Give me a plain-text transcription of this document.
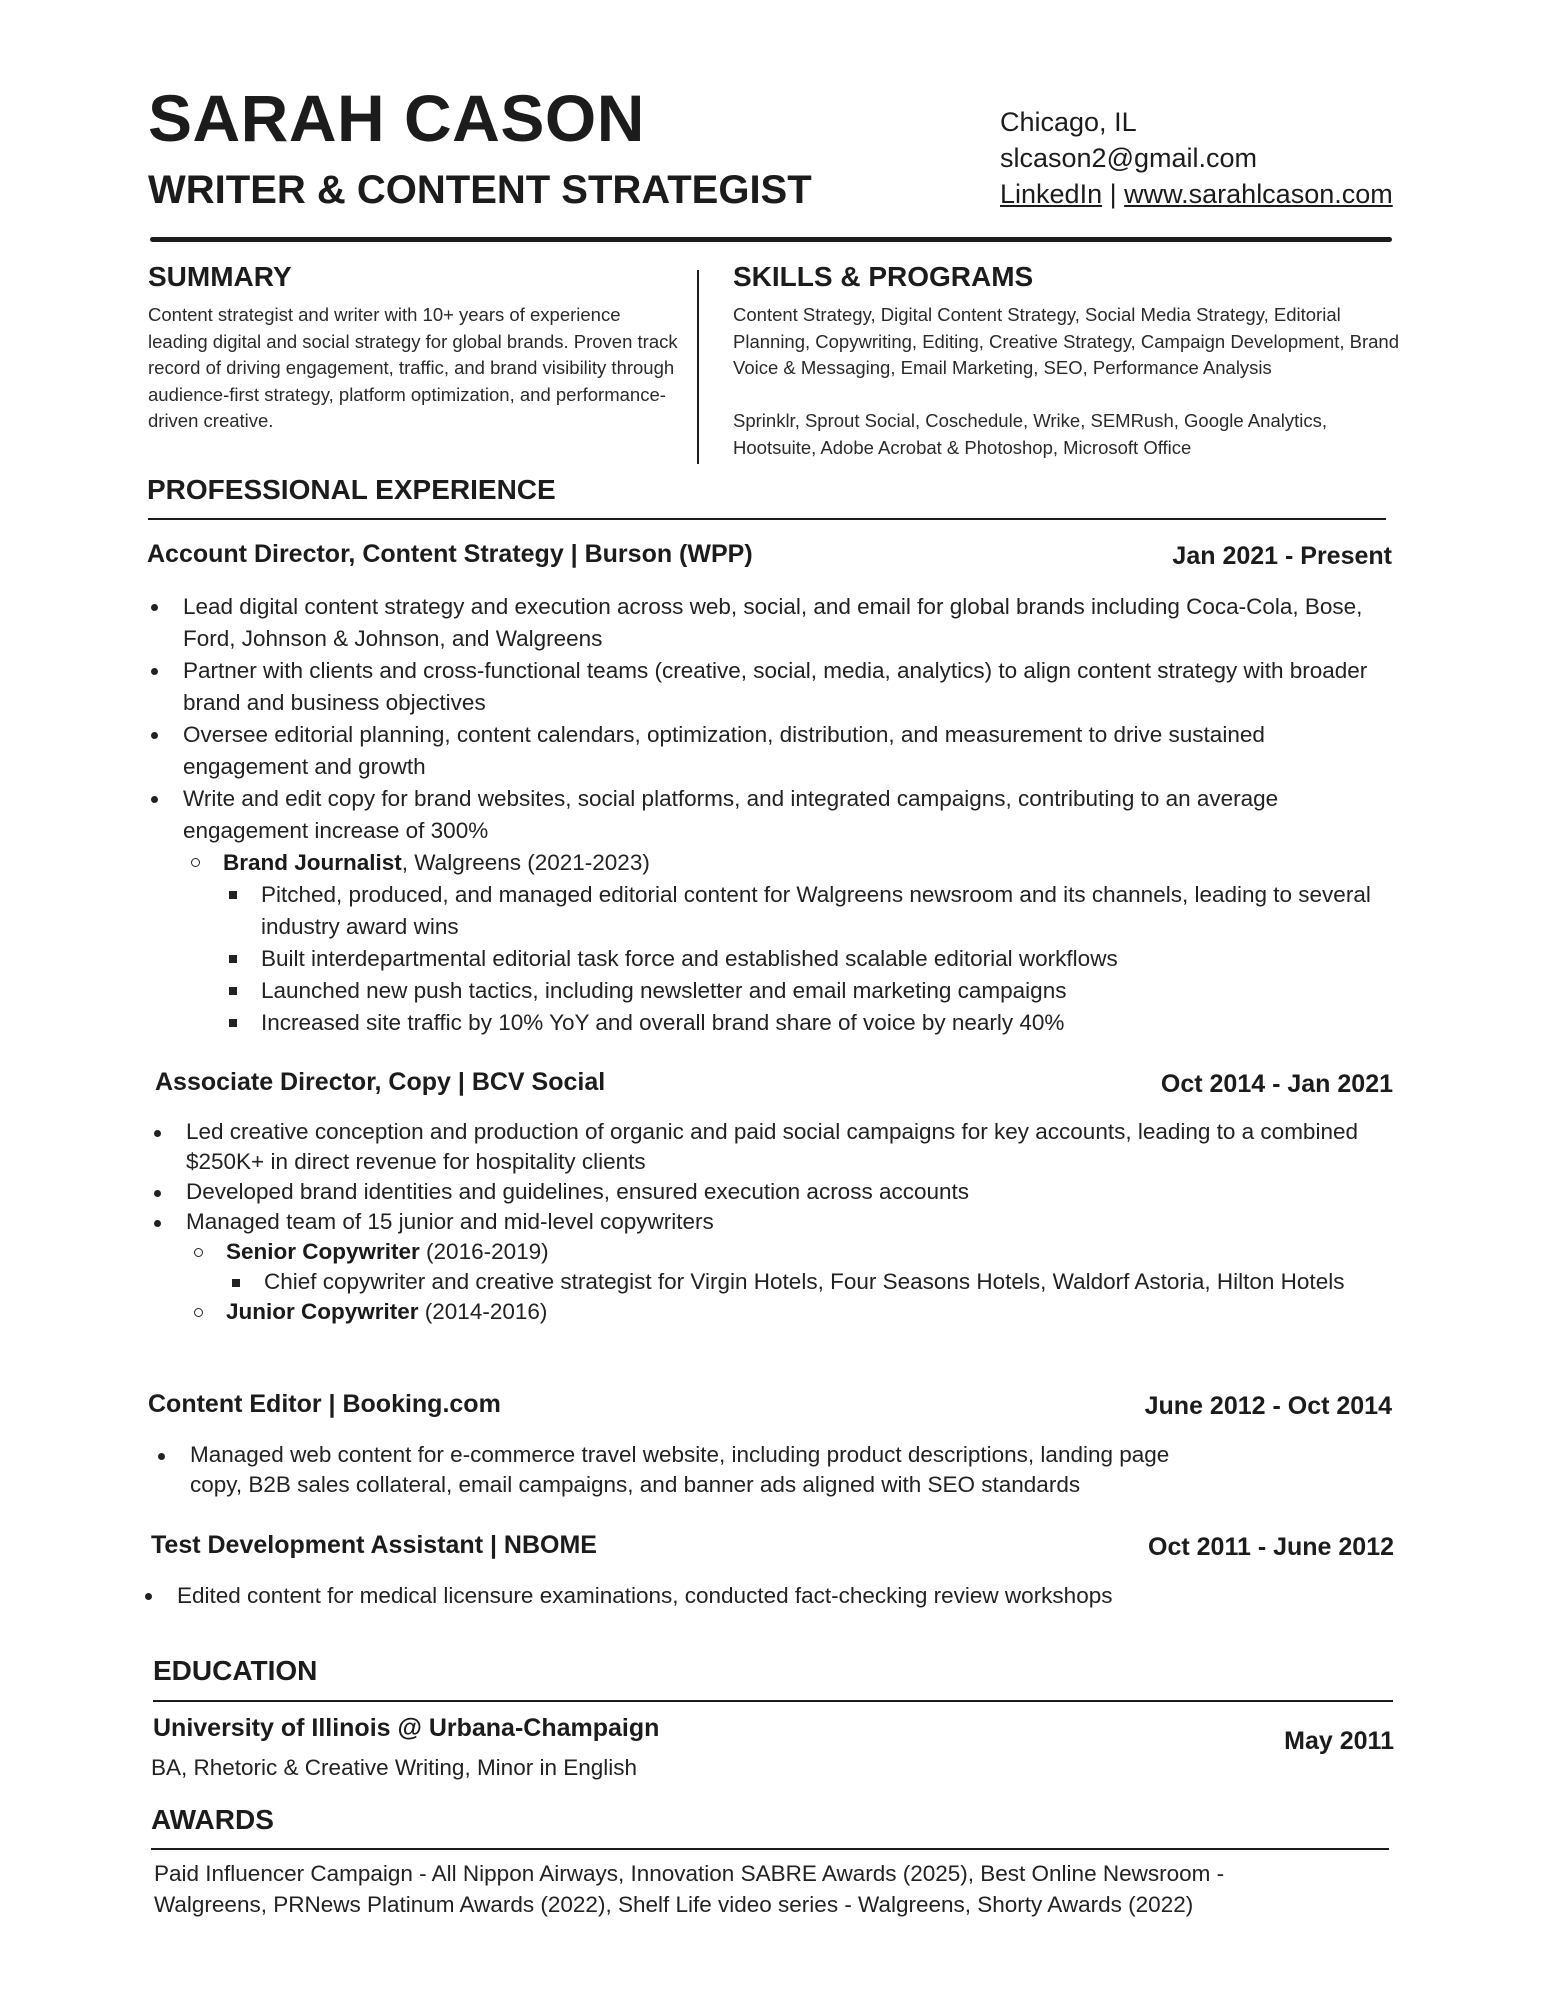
SARAH CASON
WRITER & CONTENT STRATEGIST
Chicago, IL
slcason2@gmail.com
LinkedIn | www.sarahlcason.com
SUMMARY
Content strategist and writer with 10+ years of experience leading digital and social strategy for global brands. Proven track record of driving engagement, traffic, and brand visibility through audience-first strategy, platform optimization, and performance-driven creative.
SKILLS & PROGRAMS
Content Strategy, Digital Content Strategy, Social Media Strategy, Editorial Planning, Copywriting, Editing, Creative Strategy, Campaign Development, Brand Voice & Messaging, Email Marketing, SEO, Performance Analysis
Sprinklr, Sprout Social, Coschedule, Wrike, SEMRush, Google Analytics, Hootsuite, Adobe Acrobat & Photoshop, Microsoft Office
PROFESSIONAL EXPERIENCE
Account Director, Content Strategy | Burson (WPP)	Jan 2021 - Present
Lead digital content strategy and execution across web, social, and email for global brands including Coca-Cola, Bose, Ford, Johnson & Johnson, and Walgreens
Partner with clients and cross-functional teams (creative, social, media, analytics) to align content strategy with broader brand and business objectives
Oversee editorial planning, content calendars, optimization, distribution, and measurement to drive sustained engagement and growth
Write and edit copy for brand websites, social platforms, and integrated campaigns, contributing to an average engagement increase of 300%
Brand Journalist, Walgreens (2021-2023)
Pitched, produced, and managed editorial content for Walgreens newsroom and its channels, leading to several industry award wins
Built interdepartmental editorial task force and established scalable editorial workflows
Launched new push tactics, including newsletter and email marketing campaigns
Increased site traffic by 10% YoY and overall brand share of voice by nearly 40%
Associate Director, Copy | BCV Social	Oct 2014 - Jan 2021
Led creative conception and production of organic and paid social campaigns for key accounts, leading to a combined $250K+ in direct revenue for hospitality clients
Developed brand identities and guidelines, ensured execution across accounts
Managed team of 15 junior and mid-level copywriters
Senior Copywriter (2016-2019)
Chief copywriter and creative strategist for Virgin Hotels, Four Seasons Hotels, Waldorf Astoria, Hilton Hotels
Junior Copywriter (2014-2016)
Content Editor | Booking.com	June 2012 - Oct 2014
Managed web content for e-commerce travel website, including product descriptions, landing page copy, B2B sales collateral, email campaigns, and banner ads aligned with SEO standards
Test Development Assistant | NBOME	Oct 2011 - June 2012
Edited content for medical licensure examinations, conducted fact-checking review workshops
EDUCATION
University of Illinois @ Urbana-Champaign	May 2011
BA, Rhetoric & Creative Writing, Minor in English
AWARDS
Paid Influencer Campaign - All Nippon Airways, Innovation SABRE Awards (2025), Best Online Newsroom - Walgreens, PRNews Platinum Awards (2022), Shelf Life video series - Walgreens, Shorty Awards (2022)
